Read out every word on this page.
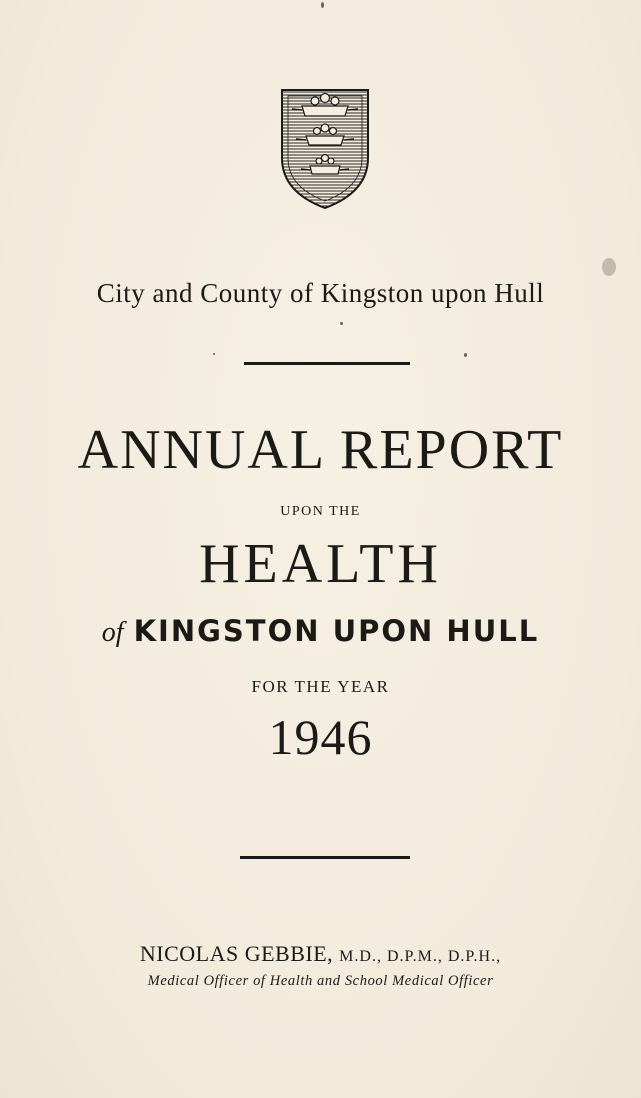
City and County of Kingston upon Hull
ANNUAL REPORT
UPON THE
HEALTH
of KINGSTON UPON HULL
FOR THE YEAR
1946
NICOLAS GEBBIE, M.D., D.P.M., D.P.H.,
Medical Officer of Health and School Medical Officer
